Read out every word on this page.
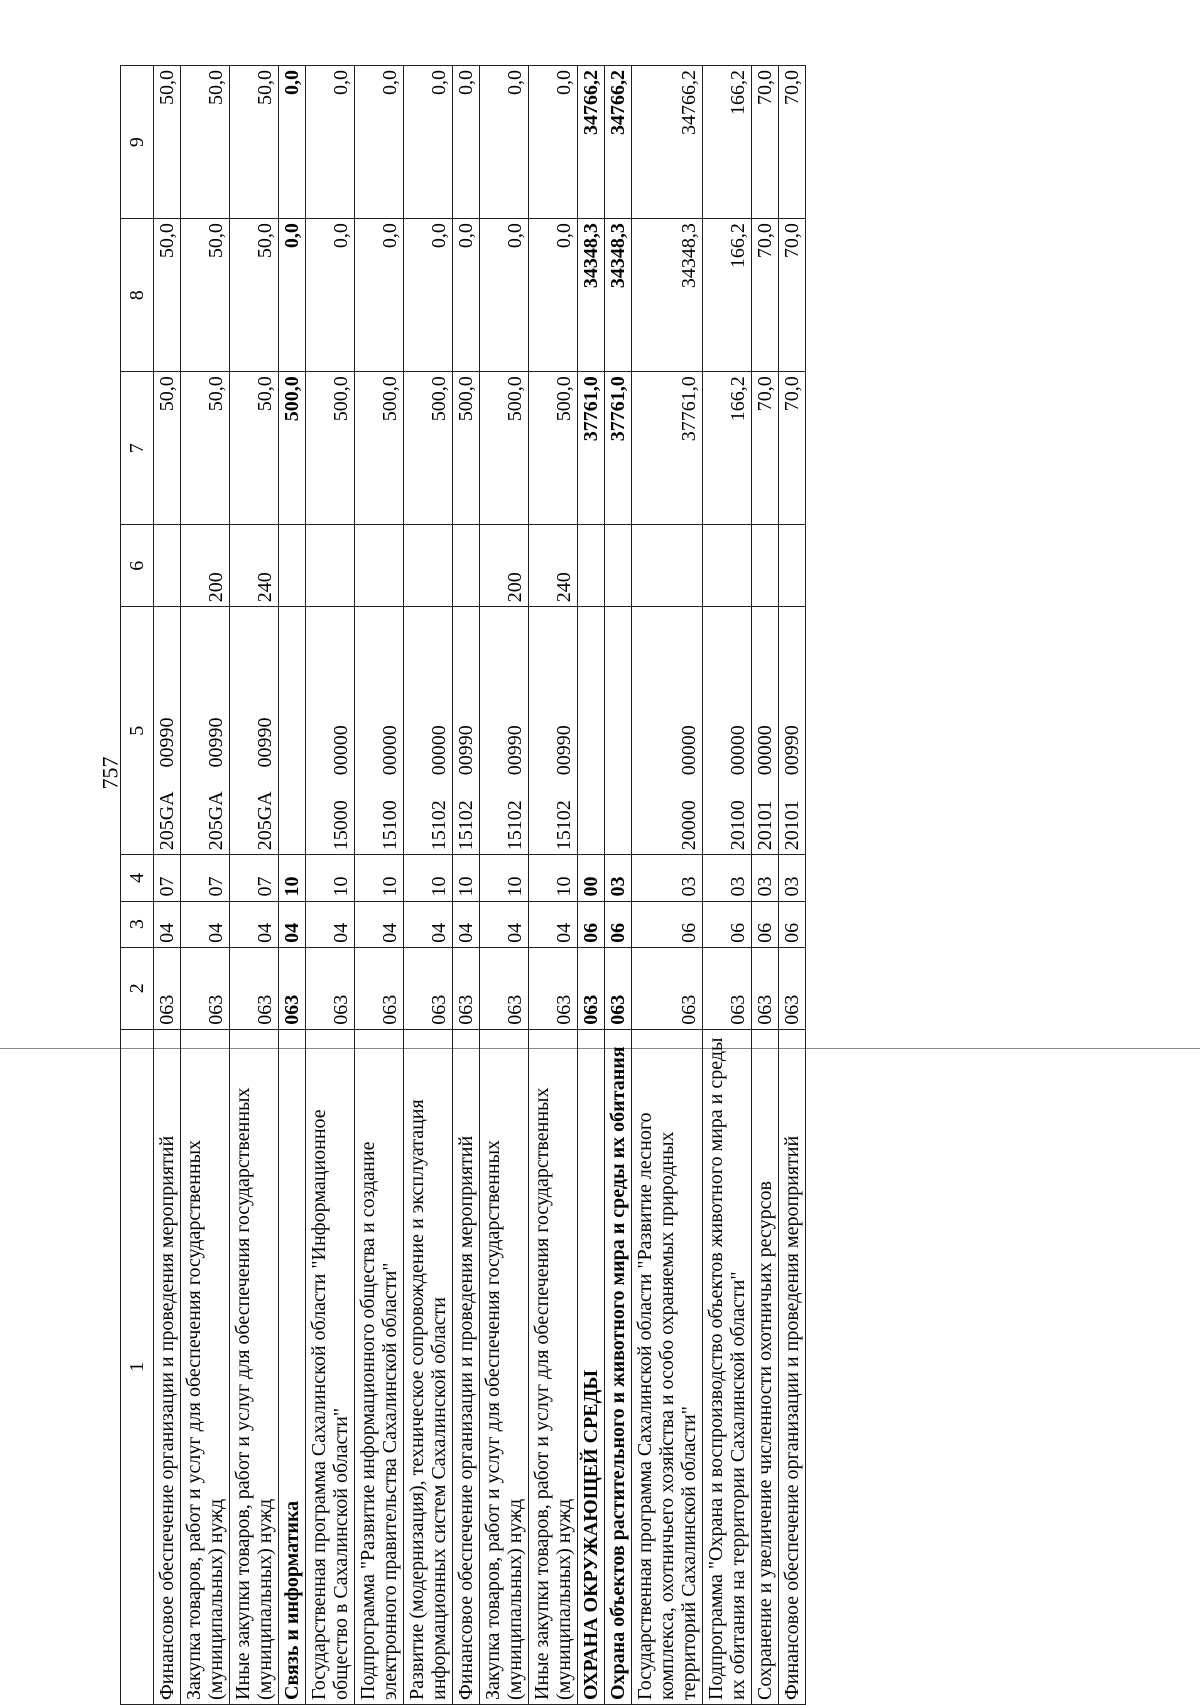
757
1	2	3	4	5	6	7	8	9
Финансовое обеспечение организации и проведения мероприятий	063	04	07	205GA 00990		50,0	50,0	50,0
Закупка товаров, работ и услуг для обеспечения государственных (муниципальных) нужд	063	04	07	205GA 00990	200	50,0	50,0	50,0
Иные закупки товаров, работ и услуг для обеспечения государственных (муниципальных) нужд	063	04	07	205GA 00990	240	50,0	50,0	50,0
Связь и информатика	063	04	10			500,0	0,0	0,0
Государственная программа Сахалинской области "Информационное общество в Сахалинской области"	063	04	10	15000 00000		500,0	0,0	0,0
Подпрограмма "Развитие информационного общества и создание электронного правительства Сахалинской области"	063	04	10	15100 00000		500,0	0,0	0,0
Развитие (модернизация), техническое сопровождение и эксплуатация информационных систем Сахалинской области	063	04	10	15102 00000		500,0	0,0	0,0
Финансовое обеспечение организации и проведения мероприятий	063	04	10	15102 00990		500,0	0,0	0,0
Закупка товаров, работ и услуг для обеспечения государственных (муниципальных) нужд	063	04	10	15102 00990	200	500,0	0,0	0,0
Иные закупки товаров, работ и услуг для обеспечения государственных (муниципальных) нужд	063	04	10	15102 00990	240	500,0	0,0	0,0
ОХРАНА ОКРУЖАЮЩЕЙ СРЕДЫ	063	06	00			37761,0	34348,3	34766,2
Охрана объектов растительного и животного мира и среды их обитания	063	06	03			37761,0	34348,3	34766,2
Государственная программа Сахалинской области "Развитие лесного комплекса, охотничьего хозяйства и особо охраняемых природных территорий Сахалинской области"	063	06	03	20000 00000		37761,0	34348,3	34766,2
Подпрограмма "Охрана и воспроизводство объектов животного мира и среды их обитания на территории Сахалинской области"	063	06	03	20100 00000		166,2	166,2	166,2
Сохранение и увеличение численности охотничьих ресурсов	063	06	03	20101 00000		70,0	70,0	70,0
Финансовое обеспечение организации и проведения мероприятий	063	06	03	20101 00990		70,0	70,0	70,0
